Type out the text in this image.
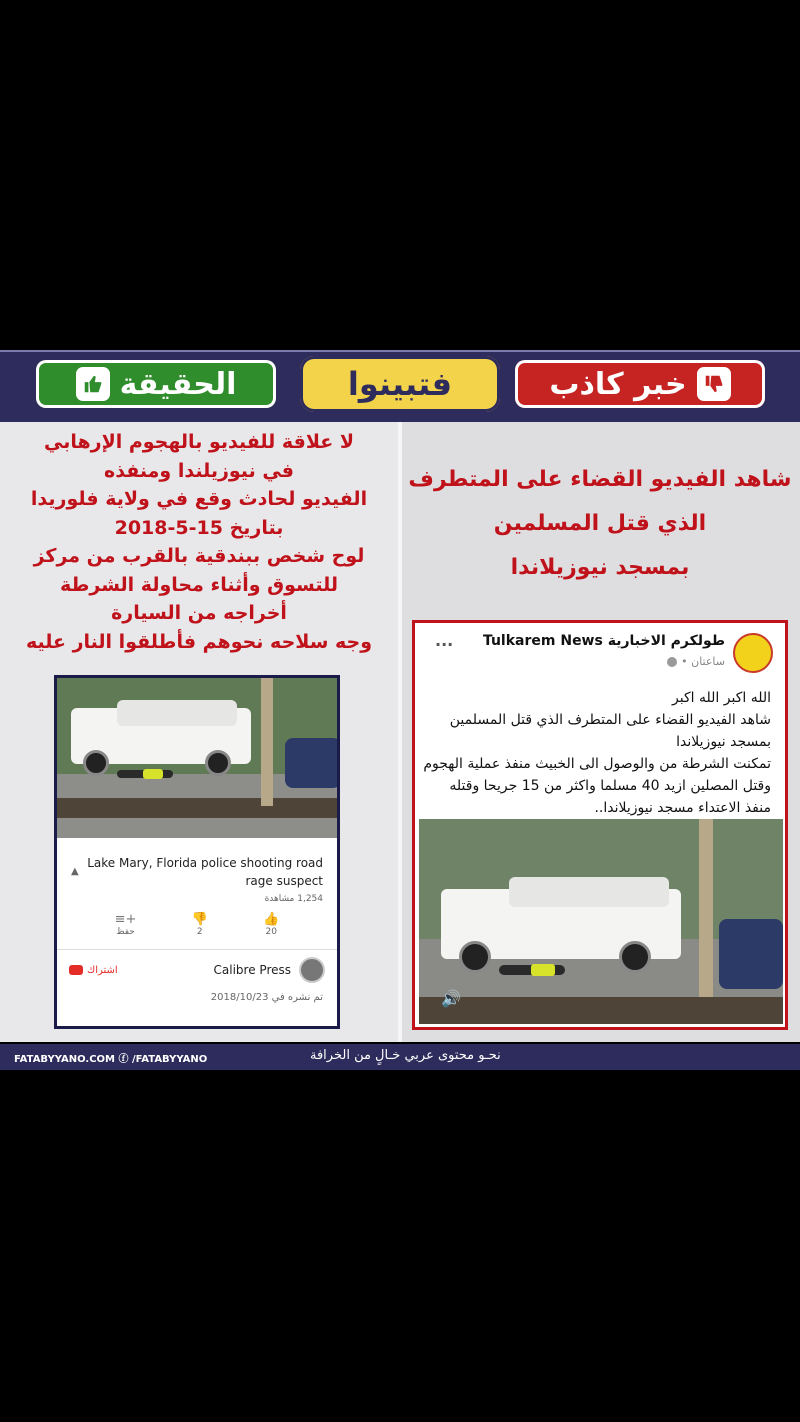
خبر كاذب
فتبينوا
الحقيقة
لا علاقة للفيديو بالهجوم الإرهابي
في نيوزيلندا ومنفذه
الفيديو لحادث وقع في ولاية فلوريدا
بتاريخ 15-5-2018
لوح شخص ببندقية بالقرب من مركز
للتسوق وأثناء محاولة الشرطة
أخراجه من السيارة
وجه سلاحه نحوهم فأطلقوا النار عليه
شاهد الفيديو القضاء على المتطرف
الذي قتل المسلمين
بمسجد نيوزيلاندا
Lake Mary, Florida police shooting road rage suspect
▲
1,254 مشاهدة
≡+
حفظ
👎
2
👍
20
اشتراك	Calibre Press
تم نشره في 2018/10/23
طولكرم الاخبارية Tulkarem News
ساعتان •
...
الله اكبر الله اكبر
شاهد الفيديو القضاء على المتطرف الذي قتل المسلمين
بمسجد نيوزيلاندا
تمكنت الشرطة من والوصول الى الخبيث منفذ عملية الهجوم
وقتل المصلين ازيد 40 مسلما واكثر من 15 جريحا وقتله
منفذ الاعتداء مسجد نيوزيلاندا..
🔊
FATABYYANO.COM ⓕ /FATABYYANO	نحـو محتوى عربي خـالٍ من الخرافة
